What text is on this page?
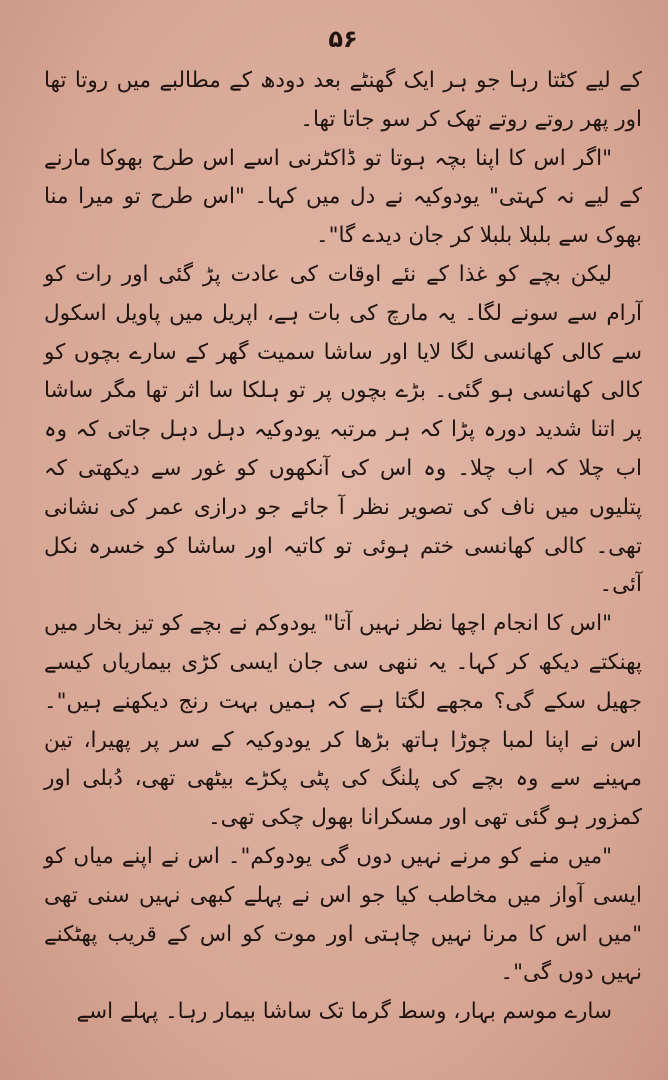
۵۶

کے لیے کٹتا رہا جو ہر ایک گھنٹے بعد دودھ کے مطالبے میں روتا تھا اور پھر روتے روتے تھک کر سو جاتا تھا۔

"اگر اس کا اپنا بچہ ہوتا تو ڈاکٹرنی اسے اس طرح بھوکا مارنے کے لیے نہ کہتی" یودوکیہ نے دل میں کہا۔ "اس طرح تو میرا منا بھوک سے بلبلا بلبلا کر جان دیدے گا"۔

لیکن بچے کو غذا کے نئے اوقات کی عادت پڑ گئی اور رات کو آرام سے سونے لگا۔ یہ مارچ کی بات ہے، اپریل میں پاویل اسکول سے کالی کھانسی لگا لایا اور ساشا سمیت گھر کے سارے بچوں کو کالی کھانسی ہو گئی۔ بڑے بچوں پر تو ہلکا سا اثر تھا مگر ساشا پر اتنا شدید دورہ پڑا کہ ہر مرتبہ یودوکیہ دہل دہل جاتی کہ وہ اب چلا کہ اب چلا۔ وہ اس کی آنکھوں کو غور سے دیکھتی کہ پتلیوں میں ناف کی تصویر نظر آ جائے جو درازی عمر کی نشانی تھی۔ کالی کھانسی ختم ہوئی تو کاتیہ اور ساشا کو خسرہ نکل آئی۔

"اس کا انجام اچھا نظر نہیں آتا" یودوکم نے بچے کو تیز بخار میں پھنکتے دیکھ کر کہا۔ یہ ننھی سی جان ایسی کڑی بیماریاں کیسے جھیل سکے گی؟ مجھے لگتا ہے کہ ہمیں بہت رنج دیکھنے ہیں"۔ اس نے اپنا لمبا چوڑا ہاتھ بڑھا کر یودوکیہ کے سر پر پھیرا، تین مہینے سے وہ بچے کی پلنگ کی پٹی پکڑے بیٹھی تھی، دُبلی اور کمزور ہو گئی تھی اور مسکرانا بھول چکی تھی۔

"میں منے کو مرنے نہیں دوں گی یودوکم"۔ اس نے اپنے میاں کو ایسی آواز میں مخاطب کیا جو اس نے پہلے کبھی نہیں سنی تھی "میں اس کا مرنا نہیں چاہتی اور موت کو اس کے قریب پھٹکنے نہیں دوں گی"۔

سارے موسم بہار، وسط گرما تک ساشا بیمار رہا۔ پہلے اسے
